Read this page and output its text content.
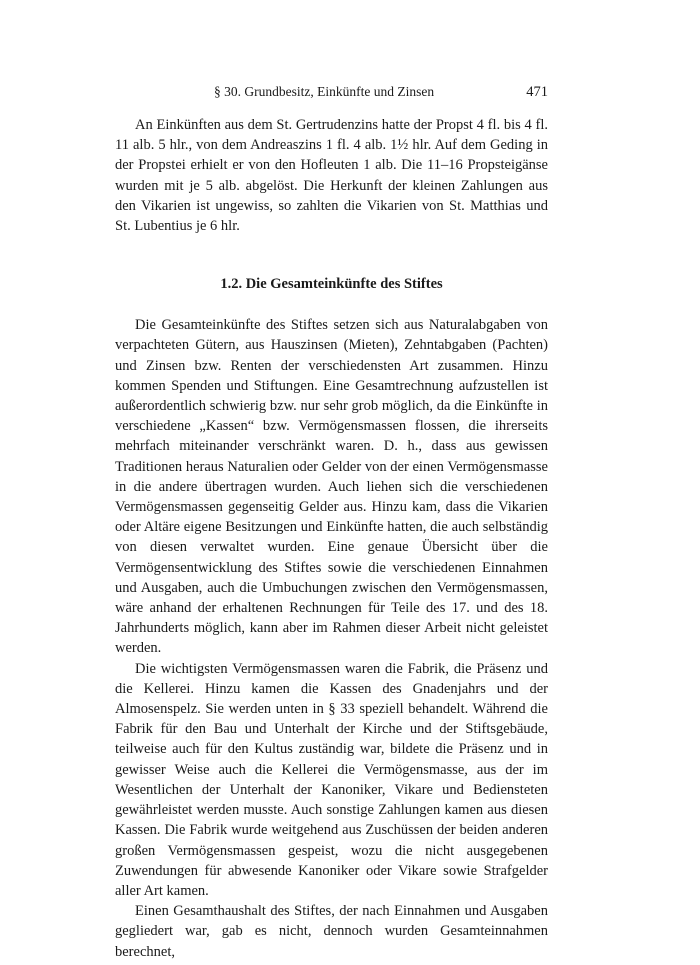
§ 30. Grundbesitz, Einkünfte und Zinsen	471

An Einkünften aus dem St. Gertrudenzins hatte der Propst 4 fl. bis 4 fl. 11 alb. 5 hlr., von dem Andreaszins 1 fl. 4 alb. 1½ hlr. Auf dem Geding in der Propstei erhielt er von den Hofleuten 1 alb. Die 11–16 Propsteigänse wurden mit je 5 alb. abgelöst. Die Herkunft der kleinen Zahlungen aus den Vikarien ist ungewiss, so zahlten die Vikarien von St. Matthias und St. Lubentius je 6 hlr.

1.2. Die Gesamteinkünfte des Stiftes

Die Gesamteinkünfte des Stiftes setzen sich aus Naturalabgaben von verpachteten Gütern, aus Hauszinsen (Mieten), Zehntabgaben (Pachten) und Zinsen bzw. Renten der verschiedensten Art zusammen. Hinzu kommen Spenden und Stiftungen. Eine Gesamtrechnung aufzustellen ist außerordentlich schwierig bzw. nur sehr grob möglich, da die Einkünfte in verschiedene „Kassen“ bzw. Vermögensmassen flossen, die ihrerseits mehrfach miteinander verschränkt waren. D. h., dass aus gewissen Traditionen heraus Naturalien oder Gelder von der einen Vermögensmasse in die andere übertragen wurden. Auch liehen sich die verschiedenen Vermögensmassen gegenseitig Gelder aus. Hinzu kam, dass die Vikarien oder Altäre eigene Besitzungen und Einkünfte hatten, die auch selbständig von diesen verwaltet wurden. Eine genaue Übersicht über die Vermögensentwicklung des Stiftes sowie die verschiedenen Einnahmen und Ausgaben, auch die Umbuchungen zwischen den Vermögensmassen, wäre anhand der erhaltenen Rechnungen für Teile des 17. und des 18. Jahrhunderts möglich, kann aber im Rahmen dieser Arbeit nicht geleistet werden.

Die wichtigsten Vermögensmassen waren die Fabrik, die Präsenz und die Kellerei. Hinzu kamen die Kassen des Gnadenjahrs und der Almosenspelz. Sie werden unten in § 33 speziell behandelt. Während die Fabrik für den Bau und Unterhalt der Kirche und der Stiftsgebäude, teilweise auch für den Kultus zuständig war, bildete die Präsenz und in gewisser Weise auch die Kellerei die Vermögensmasse, aus der im Wesentlichen der Unterhalt der Kanoniker, Vikare und Bediensteten gewährleistet werden musste. Auch sonstige Zahlungen kamen aus diesen Kassen. Die Fabrik wurde weitgehend aus Zuschüssen der beiden anderen großen Vermögensmassen gespeist, wozu die nicht ausgegebenen Zuwendungen für abwesende Kanoniker oder Vikare sowie Strafgelder aller Art kamen.

Einen Gesamthaushalt des Stiftes, der nach Einnahmen und Ausgaben gegliedert war, gab es nicht, dennoch wurden Gesamteinnahmen berechnet,
